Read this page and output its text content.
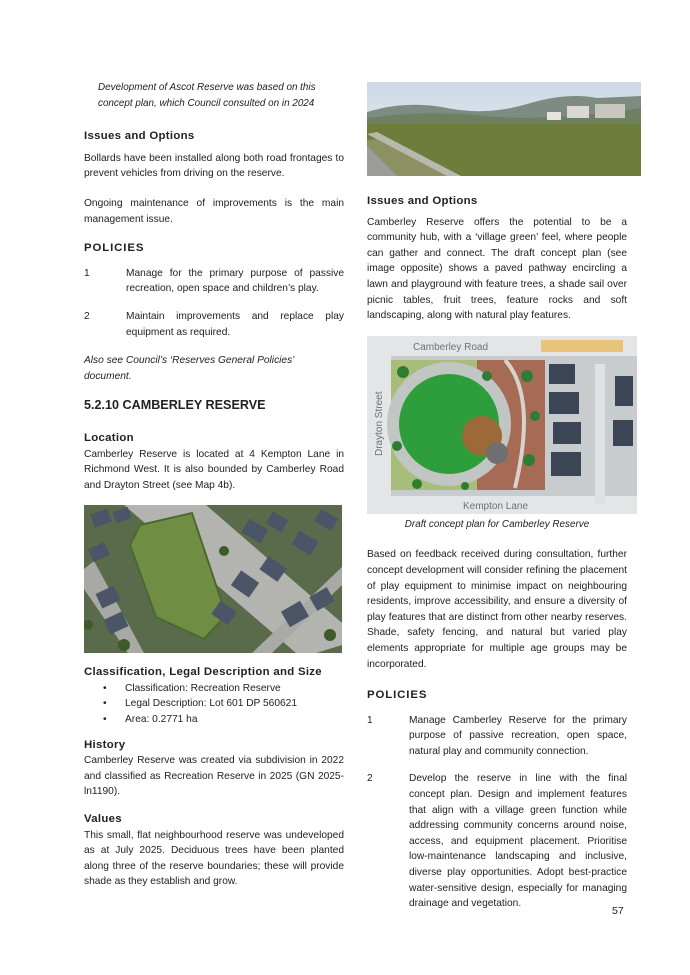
Development of Ascot Reserve was based on this concept plan, which Council consulted on in 2024

Issues and Options

Bollards have been installed along both road frontages to prevent vehicles from driving on the reserve.

Ongoing maintenance of improvements is the main management issue.

POLICIES

1	Manage for the primary purpose of passive recreation, open space and children’s play.
2	Maintain improvements and replace play equipment as required.

Also see Council’s ‘Reserves General Policies’ document.

5.2.10 CAMBERLEY RESERVE

Location

Camberley Reserve is located at 4 Kempton Lane in Richmond West. It is also bounded by Camberley Road and Drayton Street (see Map 4b).

Classification, Legal Description and Size

• Classification: Recreation Reserve
• Legal Description: Lot 601 DP 560621
• Area: 0.2771 ha

History

Camberley Reserve was created via subdivision in 2022 and classified as Recreation Reserve in 2025 (GN 2025-ln1190).

Values

This small, flat neighbourhood reserve was undeveloped as at July 2025. Deciduous trees have been planted along three of the reserve boundaries; these will provide shade as they establish and grow.

Issues and Options

Camberley Reserve offers the potential to be a community hub, with a ‘village green’ feel, where people can gather and connect. The draft concept plan (see image opposite) shows a paved pathway encircling a lawn and playground with feature trees, a shade sail over picnic tables, fruit trees, feature rocks and soft landscaping, along with natural play features.

Camberley Road
Kempton Lane
Drayton Street

Draft concept plan for Camberley Reserve

Based on feedback received during consultation, further concept development will consider refining the placement of play equipment to minimise impact on neighbouring residents, improve accessibility, and ensure a diversity of play features that are distinct from other nearby reserves. Shade, safety fencing, and natural but varied play elements appropriate for multiple age groups may be incorporated.

POLICIES

1	Manage Camberley Reserve for the primary purpose of passive recreation, open space, natural play and community connection.
2	Develop the reserve in line with the final concept plan. Design and implement features that align with a village green function while addressing community concerns around noise, access, and equipment placement. Prioritise low-maintenance landscaping and inclusive, diverse play opportunities. Adopt best-practice water-sensitive design, especially for managing drainage and vegetation.
57
